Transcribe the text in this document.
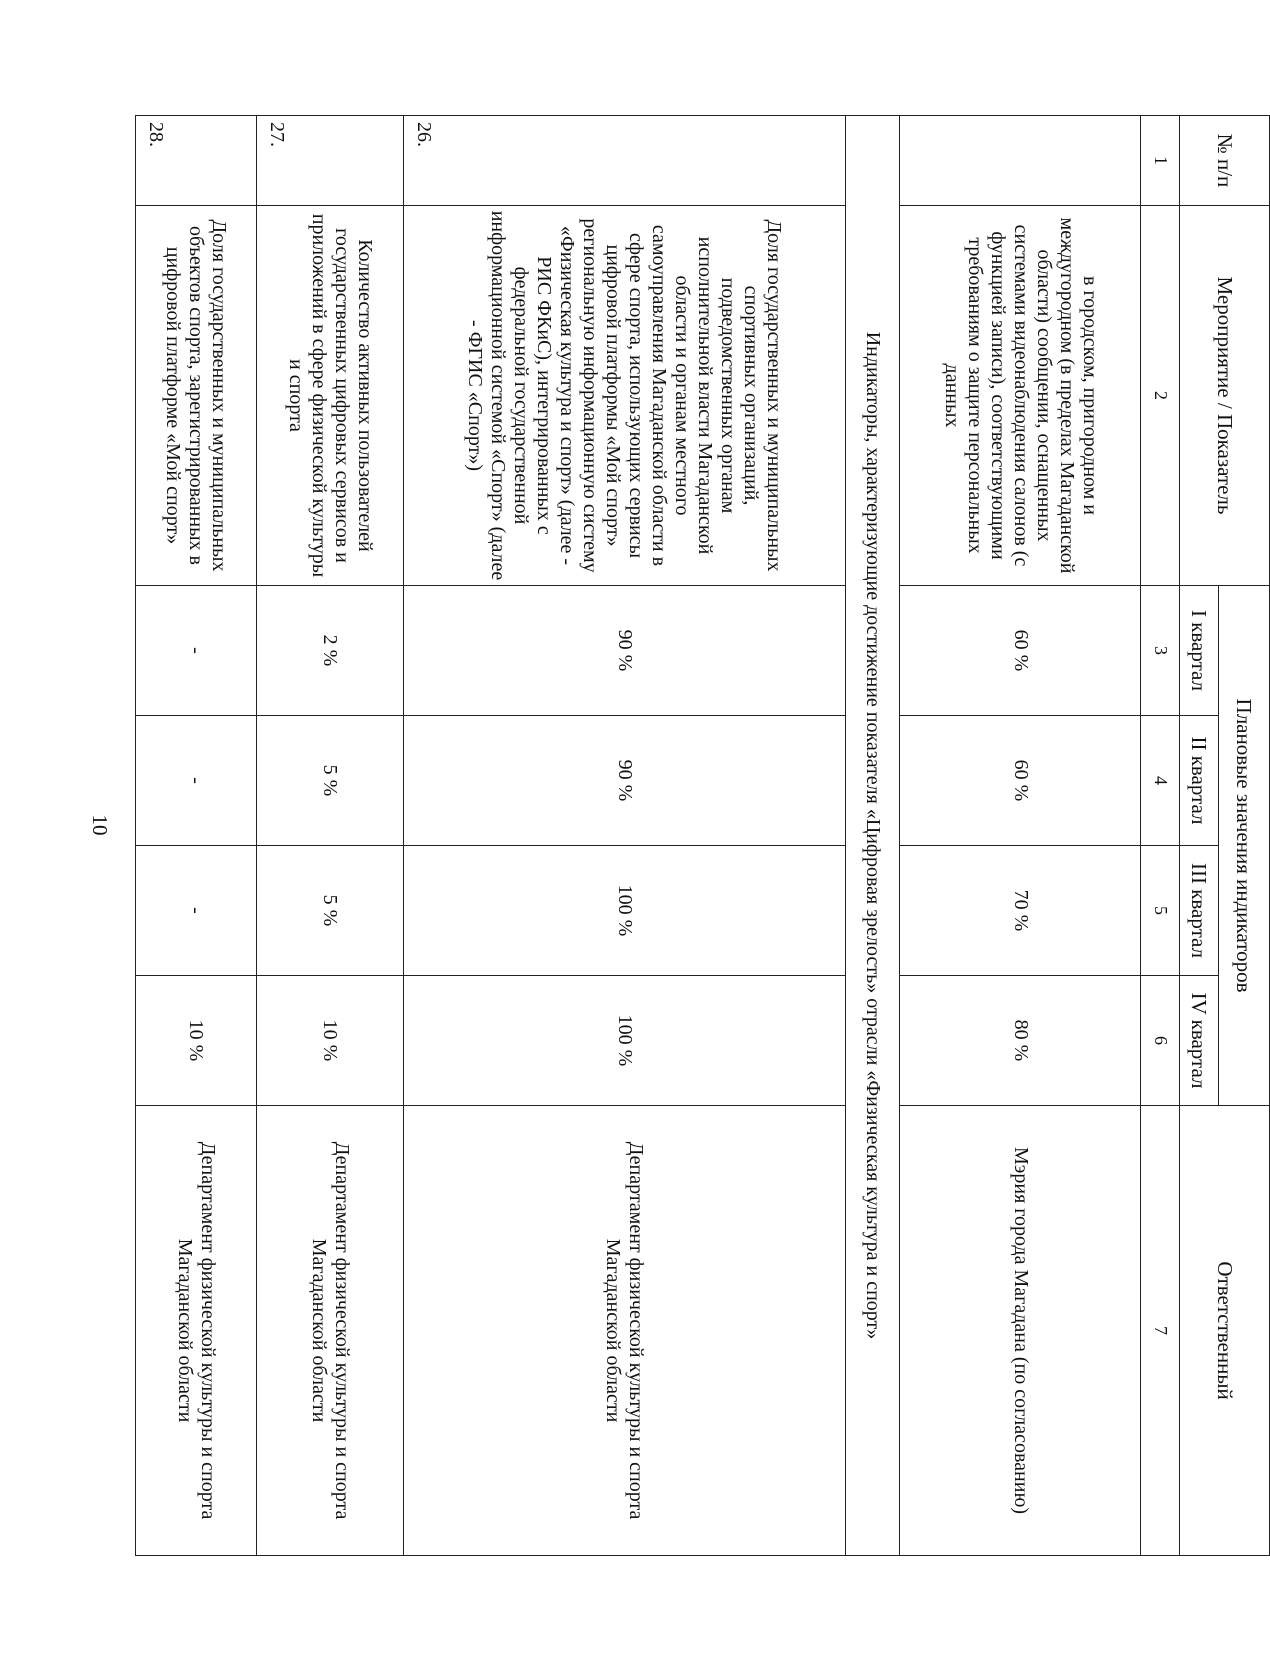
10
№ п/п	Мероприятие / Показатель	Плановые значения индикаторов				Ответственный
		I квартал	II квартал	III квартал	IV квартал	
1	2	3	4	5	6	7
	в городском, пригородном и междугородном (в пределах Магаданской области) сообщении, оснащенных системами видеонаблюдения салонов (с функцией записи), соответствующими требованиям о защите персональных данных	60 %	60 %	70 %	80 %	Мэрия города Магадана (по согласованию)
Индикаторы, характеризующие достижение показателя «Цифровая зрелость» отрасли «Физическая культура и спорт»						
26.	Доля государственных и муниципальных спортивных организаций, подведомственных органам исполнительной власти Магаданской области и органам местного самоуправления Магаданской области в сфере спорта, использующих сервисы цифровой платформы «Мой спорт» региональную информационную систему «Физическая культура и спорт» (далее - РИС ФКиС), интегрированных с федеральной государственной информационной системой «Спорт» (далее - ФГИС «Спорт»)	90 %	90 %	100 %	100 %	Департамент физической культуры и спорта Магаданской области
27.	Количество активных пользователей государственных цифровых сервисов и приложений в сфере физической культуры и спорта	2 %	5 %	5 %	10 %	Департамент физической культуры и спорта Магаданской области
28.	Доля государственных и муниципальных объектов спорта, зарегистрированных в цифровой платформе «Мой спорт»	-	-	-	10 %	Департамент физической культуры и спорта Магаданской области
